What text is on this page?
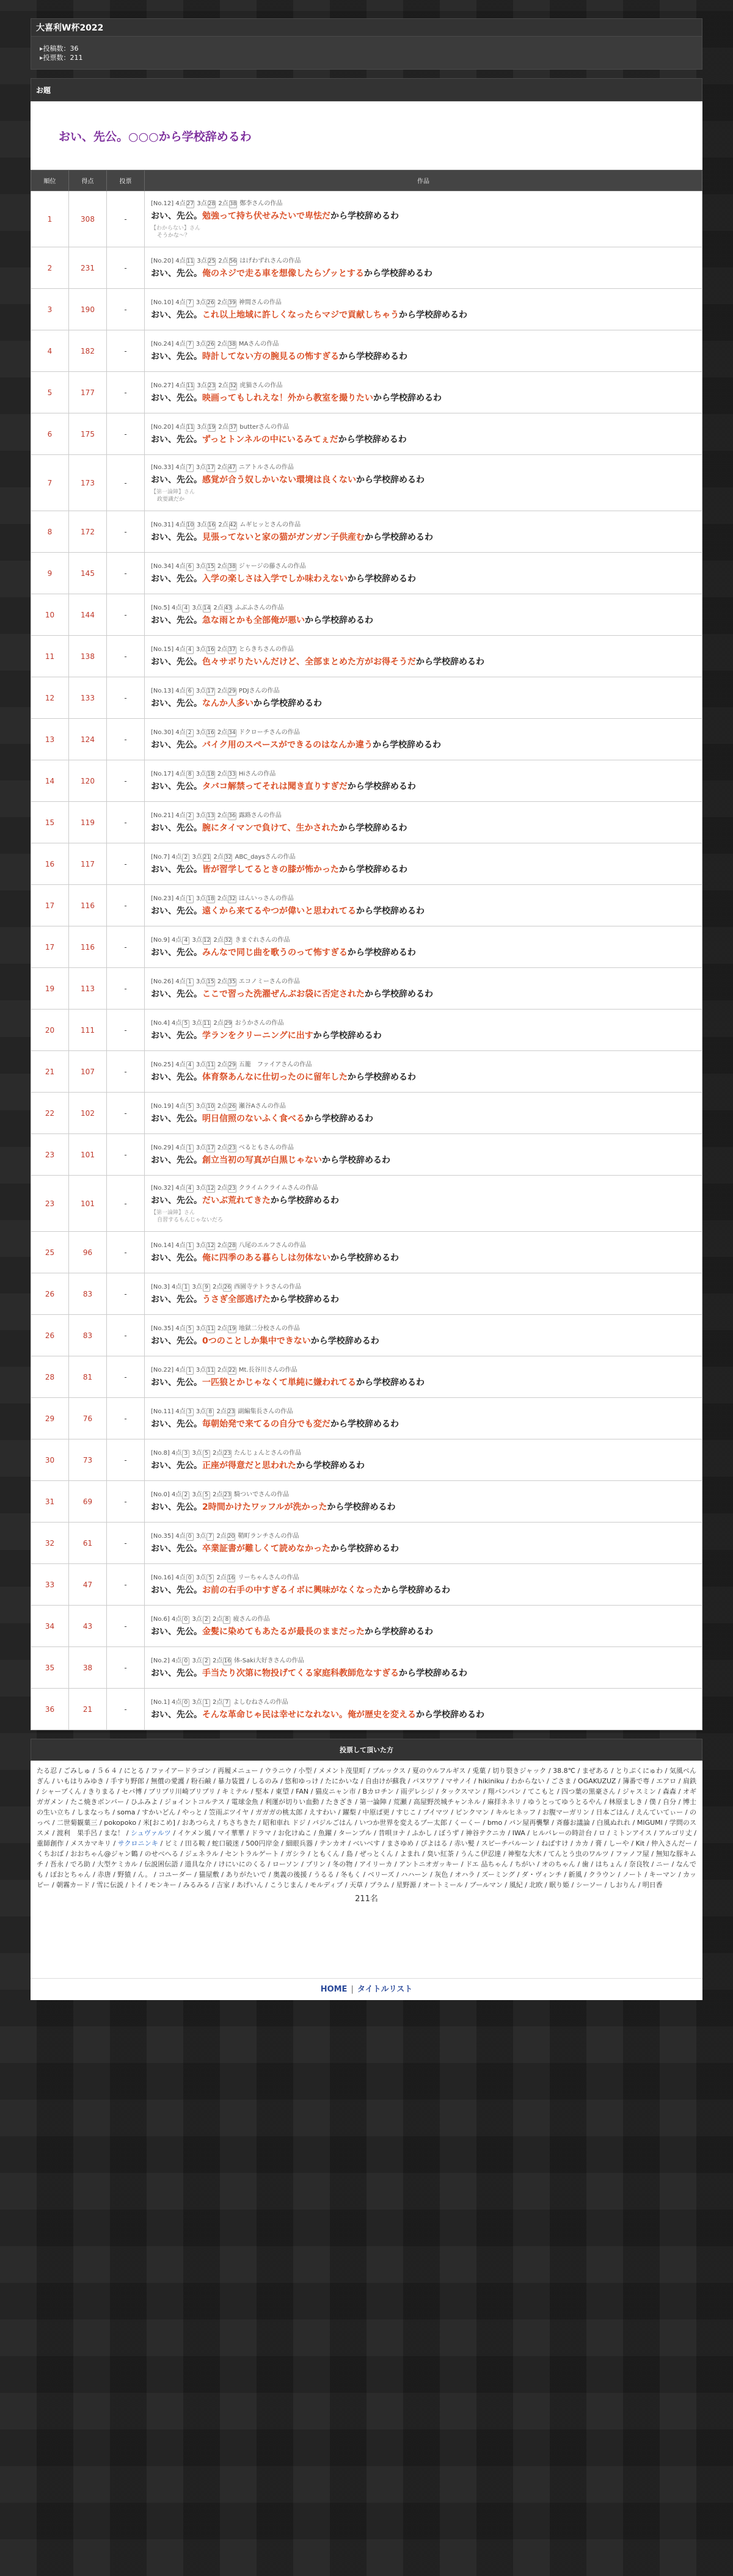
大喜利W杯2022
▸ 投稿数：36
▸ 投票数：211
お題
おい、先公。○○○から学校辞めるわ
順位	得点	投票	作品
1	308	-	[No.12] 4点 27 3点 28 2点 38 鄭李さんの作品
おい、先公。勉強って持ち伏せみたいで卑怯だから学校辞めるわ
【わからない】さん
そうかな～？

2	231	-	[No.20] 4点 11 3点 25 2点 56 はげわずれさんの作品
おい、先公。俺のネジで走る車を想像したらゾッとするから学校辞めるわ

3	190	-	[No.10] 4点 7 3点 26 2点 39 神間さんの作品
おい、先公。これ以上地域に許しくなったらマジで貢献しちゃうから学校辞めるわ

4	182	-	[No.24] 4点 7 3点 26 2点 38 MAさんの作品
おい、先公。時計してない方の腕見るの怖すぎるから学校辞めるわ

5	177	-	[No.27] 4点 11 3点 23 2点 32 虎猫さんの作品
おい、先公。映画ってもしれえな！外から教室を撮りたいから学校辞めるわ

6	175	-	[No.20] 4点 11 3点 19 2点 37 butterさんの作品
おい、先公。ずっとトンネルの中にいるみてぇだから学校辞めるわ

7	173	-	[No.33] 4点 7 3点 17 2点 47 ニアトルさんの作品
おい、先公。感覚が合う奴しかいない環境は良くないから学校辞めるわ
【第一論陣】さん
政要識だか

8	172	-	[No.31] 4点 10 3点 16 2点 42 ムギヒッとさんの作品
おい、先公。見張ってないと家の猫がガンガン子供産むから学校辞めるわ

9	145	-	[No.34] 4点 6 3点 15 2点 38 ジャージの藤さんの作品
おい、先公。入学の楽しさは入学でしか味わえないから学校辞めるわ

10	144	-	[No.5] 4点 4 3点 14 2点 43 ふぶふさんの作品
おい、先公。急な雨とかも全部俺が悪いから学校辞めるわ

11	138	-	[No.15] 4点 4 3点 16 2点 37 とらきちさんの作品
おい、先公。色々サボりたいんだけど、全部まとめた方がお得そうだから学校辞めるわ

12	133	-	[No.13] 4点 6 3点 17 2点 29 PDJさんの作品
おい、先公。なんか人多いから学校辞めるわ

13	124	-	[No.30] 4点 2 3点 16 2点 34 ドクローチさんの作品
おい、先公。バイク用のスペースができるのはなんか違うから学校辞めるわ

14	120	-	[No.17] 4点 8 3点 18 2点 33 Hiさんの作品
おい、先公。タバコ解禁ってそれは聞き直りすぎだから学校辞めるわ

15	119	-	[No.21] 4点 2 3点 13 2点 36 露路さんの作品
おい、先公。腕にタイマンで負けて、生かされたから学校辞めるわ

16	117	-	[No.7] 4点 2 3点 21 2点 32 ABC_daysさんの作品
おい、先公。皆が習学してるときの膝が怖かったから学校辞めるわ

17	116	-	[No.23] 4点 1 3点 18 2点 32 はんいっさんの作品
おい、先公。遠くから来てるやつが偉いと思われてるから学校辞めるわ

17	116	-	[No.9] 4点 4 3点 12 2点 32 きまぐれさんの作品
おい、先公。みんなで同じ曲を歌うのって怖すぎるから学校辞めるわ

19	113	-	[No.26] 4点 1 3点 15 2点 35 エコノミーさんの作品
おい、先公。ここで習った洗濯ぜんぶお袋に否定されたから学校辞めるわ

20	111	-	[No.4] 4点 5 3点 11 2点 29 おうかさんの作品
おい、先公。学ランをクリーニングに出すから学校辞めるわ

21	107	-	[No.25] 4点 4 3点 11 2点 29 五籠　ファイアさんの作品
おい、先公。体育祭あんなに仕切ったのに留年したから学校辞めるわ

22	102	-	[No.19] 4点 5 3点 10 2点 26 瀬谷Aさんの作品
おい、先公。明日信照のないふく食べるから学校辞めるわ

23	101	-	[No.29] 4点 1 3点 17 2点 23 べるともさんの作品
おい、先公。創立当初の写真が白黒じゃないから学校辞めるわ

23	101	-	[No.32] 4点 4 3点 12 2点 23 クライムクライムさんの作品
おい、先公。だいぶ荒れてきたから学校辞めるわ
【第一論陣】さん
自習するもんじゃないだろ

25	96	-	[No.14] 4点 1 3点 12 2点 28 八尾のエルフさんの作品
おい、先公。俺に四季のある暮らしは勿体ないから学校辞めるわ

26	83	-	[No.3] 4点 1 3点 9 2点 26 西園寺テトラさんの作品
おい、先公。うさぎ全部逃げたから学校辞めるわ

26	83	-	[No.35] 4点 5 3点 11 2点 19 地獄二分校さんの作品
おい、先公。0つのことしか集中できないから学校辞めるわ

28	81	-	[No.22] 4点 1 3点 11 2点 22 Mt.長谷川さんの作品
おい、先公。一匹狼とかじゃなくて単純に嫌われてるから学校辞めるわ

29	76	-	[No.11] 4点 3 3点 8 2点 23 副編集長さんの作品
おい、先公。毎朝始発で来てるの自分でも変だから学校辞めるわ

30	73	-	[No.8] 4点 3 3点 5 2点 23 たんじょんとさんの作品
おい、先公。正座が得意だと思われたから学校辞めるわ

31	69	-	[No.0] 4点 2 3点 5 2点 23 騎ついでさんの作品
おい、先公。2時間かけたワッフルが洗かったから学校辞めるわ

32	61	-	[No.35] 4点 0 3点 7 2点 20 鞘町ランチさんの作品
おい、先公。卒業証書が難しくて読めなかったから学校辞めるわ

33	47	-	[No.16] 4点 0 3点 5 2点 16 リーちゃんさんの作品
おい、先公。お前の右手の中すぎるイボに興味がなくなったから学校辞めるわ

34	43	-	[No.6] 4点 0 3点 2 2点 8 疲さんの作品
おい、先公。金髪に染めてもあたるが最長のままだったから学校辞めるわ

35	38	-	[No.2] 4点 0 3点 2 2点 16 体-Saki大好きさんの作品
おい、先公。手当たり次第に物投げてくる家庭科教師危なすぎるから学校辞めるわ

36	21	-	[No.1] 4点 0 3点 1 2点 7 よしむねさんの作品
おい、先公。そんな革命じゃ民は幸せになれない。俺が歴史を変えるから学校辞めるわ
投票して頂いた方
たる忍 / ごみしゅ / ５６４ / にとる / ファイアードラゴン / 再履メニュー / ウラニウ / 小型 / メメント茂里町 / ブルックス / 夏のウルフルギス / 兎菓 / 切り裂きジャック / 38.8℃ / まぜある / とりぷくにゅわ / 気風ペんぎん / いもはりみゆき / 手すり野郎 / 無償の愛護 / 粉石鹸 / 暴力装置 / しるのみ / 悠和ゆっけ / たにかいな / 自由けが蘇我 / バヌワア / マサノイ / hikiniku / わからない / ごさま / OGAKUZUZ / 簿番で専 / エアロ / 肩鉄 / シャープくん / きりまる / セバ博 / ブリブリ川崎ブリブリ / キミテル / 堅本 / 東望 / FAN / 猫皮ニャン市 / Bカロチン / 雨デレシジ / タックスマン / 翔バンパン / てこもと / 四つ葉の黒豪さん / ジャスミン / 森森 / オギガガメン / たこ焼きボンバー / ひふみよ / ジョイントコルテス / 電球金魚 / 利運が切りい血動 / たきざき / 第一論陣 / 荒瀬 / 高屋野茨城チャンネル / 麻拝ネネリ / ゆうとってゆうとるやん / 林原ましき / 僕 / 自分 / 博士の生い立ち / しまなっち / soma / すかいどん / やっと / 笠雨ぷツイヤ / ガガガの桃太郎 / えすわい / 躍梨 / 中原ぱ更 / すじこ / ブイマツ / ピンクマン / キルヒネッフ / お腹マーガリン / 日本ごはん / えんていてぃー / のっぺ / 二世菊観菓三 / pokopoko / 米[おこめ] / おあつらえ / ちさちきた / 昭和車れ ドジ / パジルごはん / いつか世界を変えるブー太郎 / くーくー / bmo / パン屋再襲撃 / 斉藤お議論 / 白風ぬれれ / MIGUMI / 学問のススメ / 渡利　果手呂 / まな！ / シュヴァルツ / イケメン風 / マイ華華 / ドラマ / お化けぬこ / 魚躍 / ターンプル / 昔唄ヨナ / ふかし / ぼうず / 神谷テクニカ / IWA / ヒルバレーの時計台 / ロ / ミトンアイス / アルゴリ丈 / 重師創作 / メスカマキリ / サクロニンキ / ビミ / 田る鞍 / 蛇口破迷 / 500円岸金 / 細眼兵器 / テンカオ / べいべす / まさゆめ / ぴよはる / 赤い髪 / スピーチバルーン / ねばすけ / カカ / 膏 / しーや / Kit / 仲入さんだー / くちおば / おおちゃん@ジャン鶴 / のせべへる / ジェネラル / セントラルゲート / ガシラ / ともくん / 島 / ぜっとくん / よまれ / 臭い紅茶 / うんこ伊忍達 / 神聖な大木 / てんとう虫のワルツ / ファノフ屋 / 無知な豚キムチ / 吾永 / でろ助 / 大型ケミカル / 伝説困伝語 / 道具な介 / けにいにのくる / ローソン / プリン / 冬の物 / アイリーカ / アントニオガッキー / ドエ 品ちゃん / ちがい / オのちゃん / 歯 / はちょん / 奈良牧 / ニー / なんでも / ぽおとちゃん / 赤唐 / 野猿 / ん。 / コユーダー / 猫屋敷 / ありがたいで / 奥義の後援 / うるる / 冬もく / ベリーズ / ハハーン / 灰色 / オハラ / ズーミング / ダ・ヴィンチ / 新風 / クラウン / ノート / キーマン / カッピー / 朝霧カード / 雪に伝説 / トイ / モンキー / みるみる / 吉家 / あげいん / こうじまん / モルディブ / 天草 / プラム / 星野源 / オートミール / ブールマン / 風紀 / 北欧 / 眠り姫 / シーソー / しおりん / 明日香
211名
HOME | タイトルリスト
